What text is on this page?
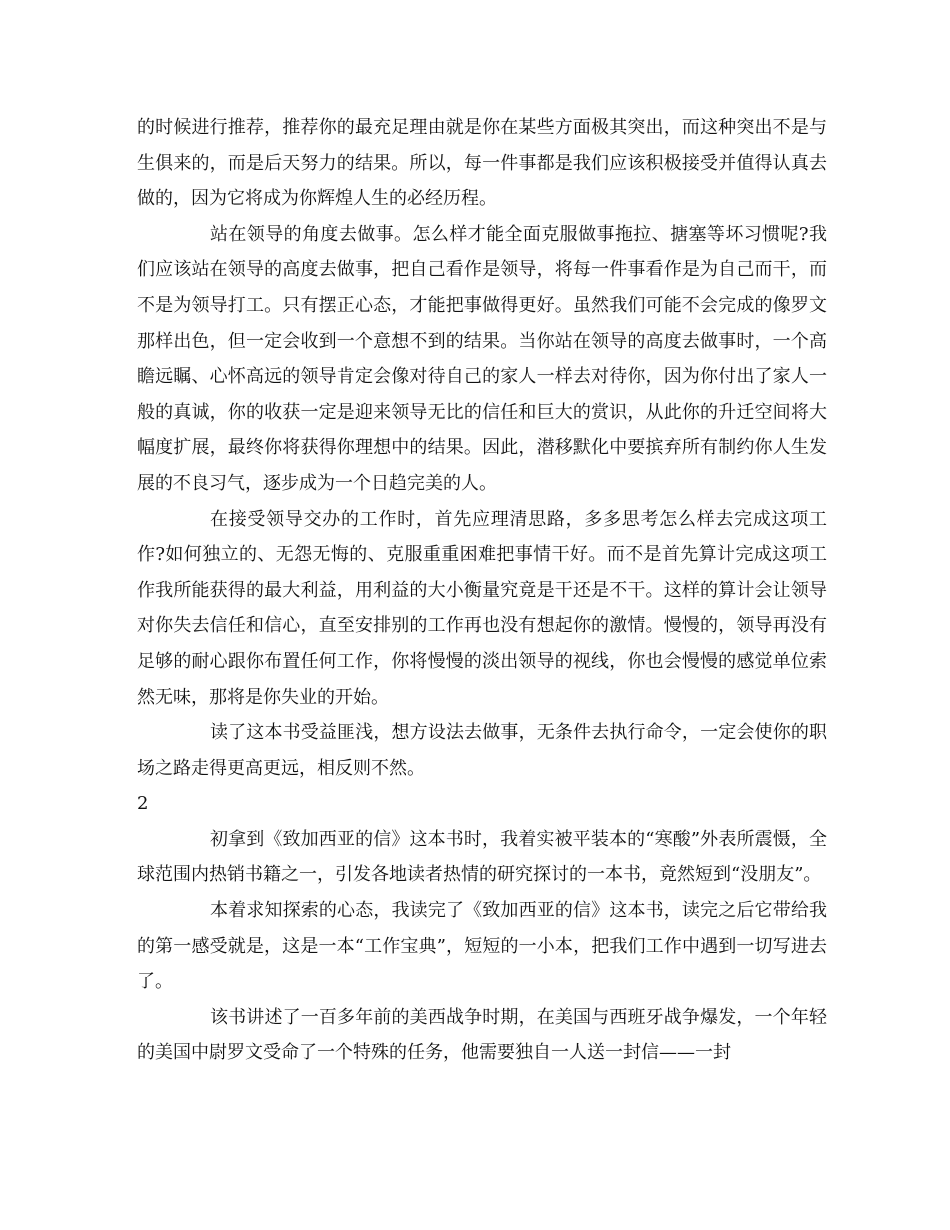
的时候进行推荐，推荐你的最充足理由就是你在某些方面极其突出，而这种突出不是与生俱来的，而是后天努力的结果。所以，每一件事都是我们应该积极接受并值得认真去做的，因为它将成为你辉煌人生的必经历程。

站在领导的角度去做事。怎么样才能全面克服做事拖拉、搪塞等坏习惯呢?我们应该站在领导的高度去做事，把自己看作是领导，将每一件事看作是为自己而干，而不是为领导打工。只有摆正心态，才能把事做得更好。虽然我们可能不会完成的像罗文那样出色，但一定会收到一个意想不到的结果。当你站在领导的高度去做事时，一个高瞻远瞩、心怀高远的领导肯定会像对待自己的家人一样去对待你，因为你付出了家人一般的真诚，你的收获一定是迎来领导无比的信任和巨大的赏识，从此你的升迁空间将大幅度扩展，最终你将获得你理想中的结果。因此，潜移默化中要摈弃所有制约你人生发展的不良习气，逐步成为一个日趋完美的人。

在接受领导交办的工作时，首先应理清思路，多多思考怎么样去完成这项工作?如何独立的、无怨无悔的、克服重重困难把事情干好。而不是首先算计完成这项工作我所能获得的最大利益，用利益的大小衡量究竟是干还是不干。这样的算计会让领导对你失去信任和信心，直至安排别的工作再也没有想起你的激情。慢慢的，领导再没有足够的耐心跟你布置任何工作，你将慢慢的淡出领导的视线，你也会慢慢的感觉单位索然无味，那将是你失业的开始。

读了这本书受益匪浅，想方设法去做事，无条件去执行命令，一定会使你的职场之路走得更高更远，相反则不然。

2

初拿到《致加西亚的信》这本书时，我着实被平装本的“寒酸”外表所震慑，全球范围内热销书籍之一，引发各地读者热情的研究探讨的一本书，竟然短到“没朋友”。

本着求知探索的心态，我读完了《致加西亚的信》这本书，读完之后它带给我的第一感受就是，这是一本“工作宝典”，短短的一小本，把我们工作中遇到一切写进去了。

该书讲述了一百多年前的美西战争时期，在美国与西班牙战争爆发，一个年轻的美国中尉罗文受命了一个特殊的任务，他需要独自一人送一封信——一封
